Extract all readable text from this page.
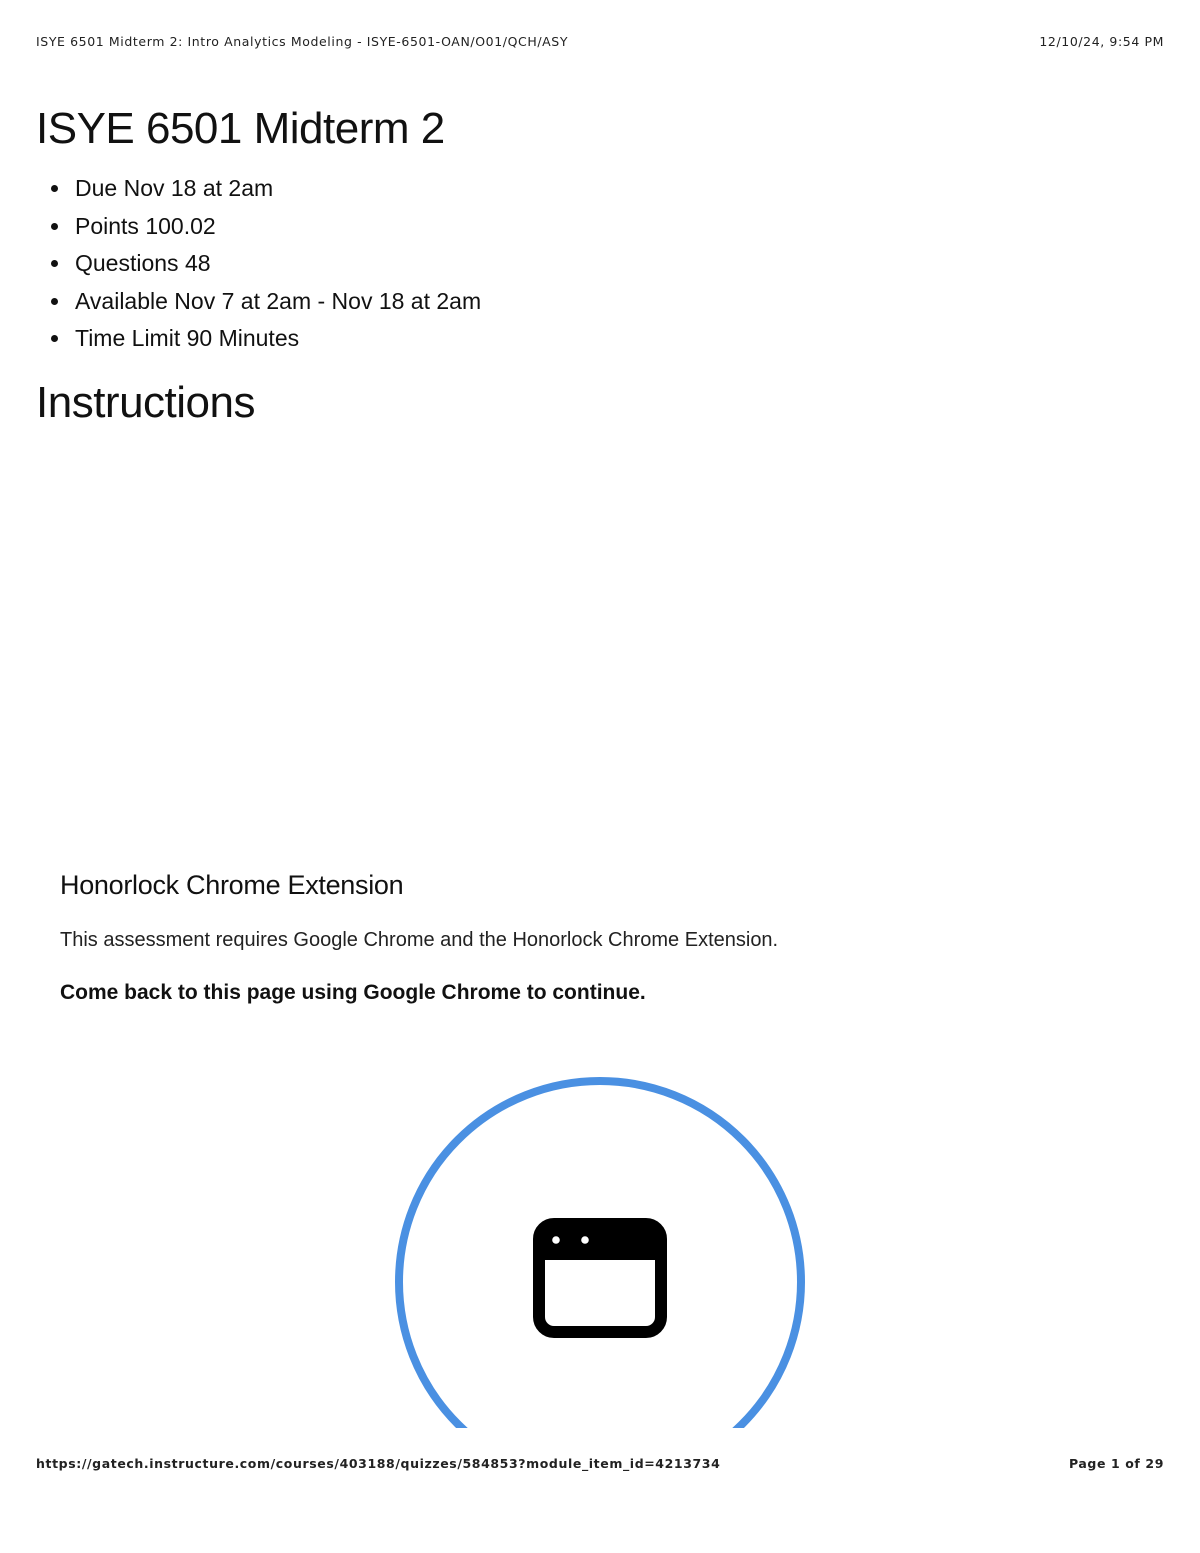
ISYE 6501 Midterm 2: Intro Analytics Modeling - ISYE-6501-OAN/O01/QCH/ASY	12/10/24, 9:54 PM
ISYE 6501 Midterm 2
Due Nov 18 at 2am
Points 100.02
Questions 48
Available Nov 7 at 2am - Nov 18 at 2am
Time Limit 90 Minutes
Instructions
Honorlock Chrome Extension

This assessment requires Google Chrome and the Honorlock Chrome Extension.

Come back to this page using Google Chrome to continue.

https://gatech.instructure.com/courses/403188/quizzes/584853?module_item_id=4213734	Page 1 of 29
